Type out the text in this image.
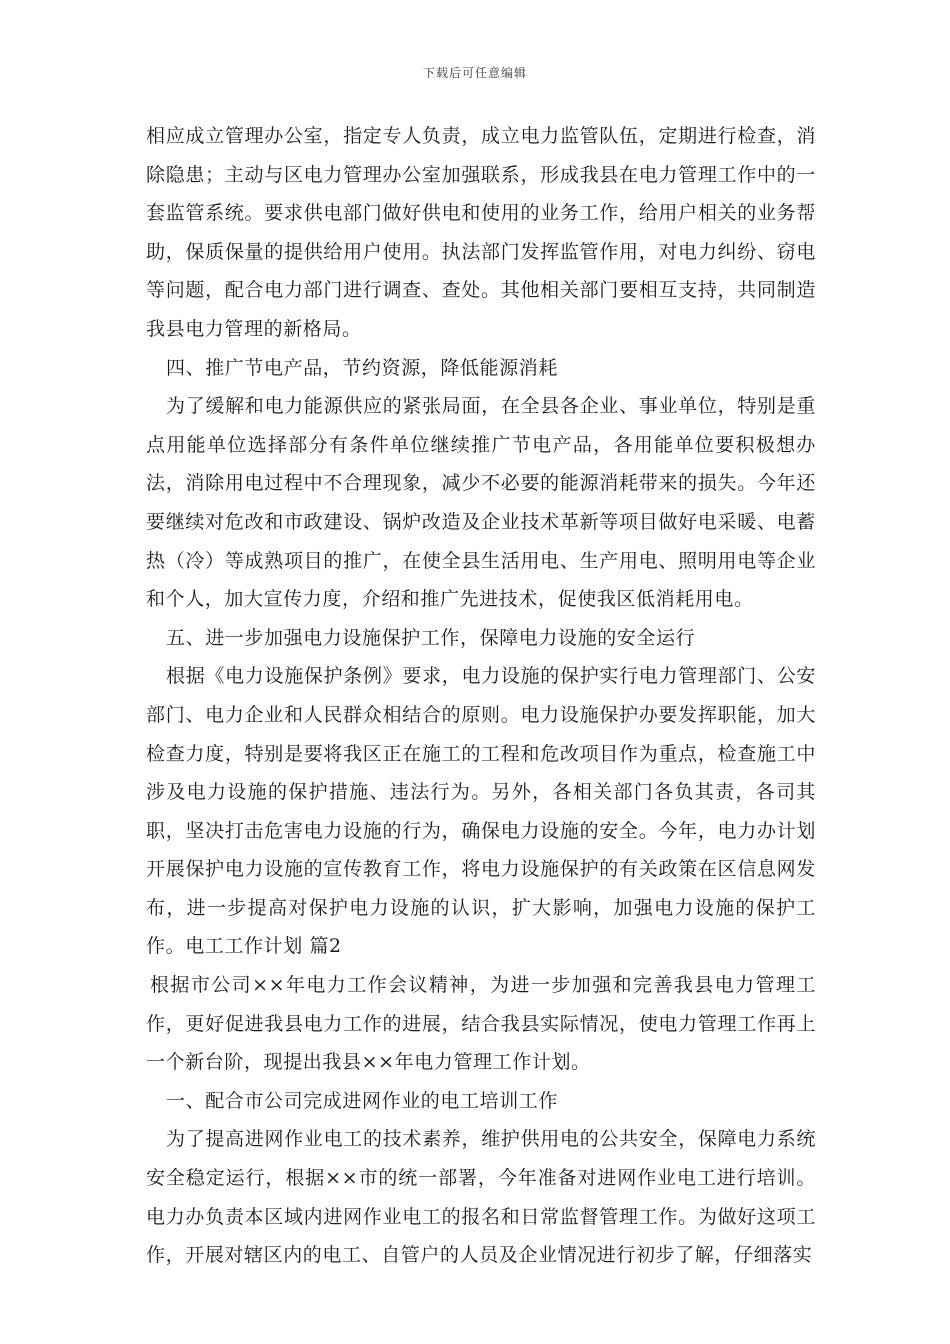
下载后可任意编辑

相应成立管理办公室，指定专人负责，成立电力监管队伍，定期进行检查，消除隐患；主动与区电力管理办公室加强联系，形成我县在电力管理工作中的一套监管系统。要求供电部门做好供电和使用的业务工作，给用户相关的业务帮助，保质保量的提供给用户使用。执法部门发挥监管作用，对电力纠纷、窃电等问题，配合电力部门进行调查、查处。其他相关部门要相互支持，共同制造我县电力管理的新格局。

四、推广节电产品，节约资源，降低能源消耗

为了缓解和电力能源供应的紧张局面，在全县各企业、事业单位，特别是重点用能单位选择部分有条件单位继续推广节电产品，各用能单位要积极想办法，消除用电过程中不合理现象，减少不必要的能源消耗带来的损失。今年还要继续对危改和市政建设、锅炉改造及企业技术革新等项目做好电采暖、电蓄热（冷）等成熟项目的推广，在使全县生活用电、生产用电、照明用电等企业和个人，加大宣传力度，介绍和推广先进技术，促使我区低消耗用电。

五、进一步加强电力设施保护工作，保障电力设施的安全运行

根据《电力设施保护条例》要求，电力设施的保护实行电力管理部门、公安部门、电力企业和人民群众相结合的原则。电力设施保护办要发挥职能，加大检查力度，特别是要将我区正在施工的工程和危改项目作为重点，检查施工中涉及电力设施的保护措施、违法行为。另外，各相关部门各负其责，各司其职，坚决打击危害电力设施的行为，确保电力设施的安全。今年，电力办计划开展保护电力设施的宣传教育工作，将电力设施保护的有关政策在区信息网发布，进一步提高对保护电力设施的认识，扩大影响，加强电力设施的保护工作。电工工作计划 篇2

根据市公司××年电力工作会议精神，为进一步加强和完善我县电力管理工作，更好促进我县电力工作的进展，结合我县实际情况，使电力管理工作再上一个新台阶，现提出我县××年电力管理工作计划。

一、配合市公司完成进网作业的电工培训工作

为了提高进网作业电工的技术素养，维护供用电的公共安全，保障电力系统安全稳定运行，根据××市的统一部署，今年准备对进网作业电工进行培训。电力办负责本区域内进网作业电工的报名和日常监督管理工作。为做好这项工作，开展对辖区内的电工、自管户的人员及企业情况进行初步了解，仔细落实
